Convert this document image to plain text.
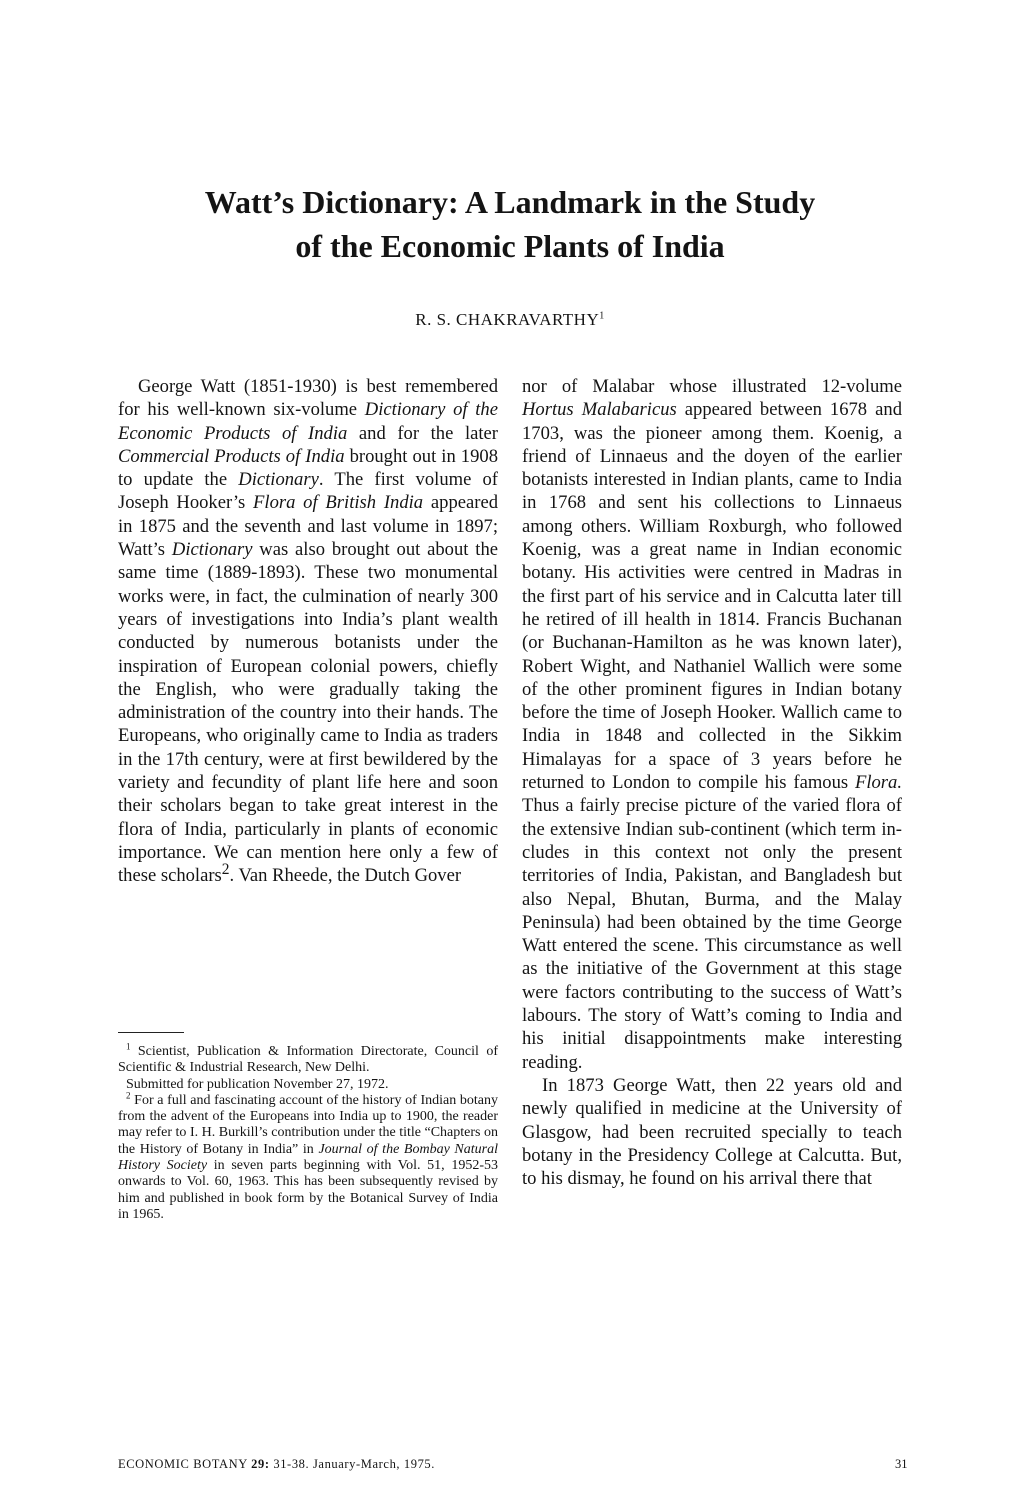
Watt’s Dictionary: A Landmark in the Study
of the Economic Plants of India
R. S. CHAKRAVARTHY$^1$

George Watt (1851-1930) is best remembered for his well-known six-volume Dictionary of the Economic Products of India and for the later Commercial Products of India brought out in 1908 to update the Dictionary. The first volume of Joseph Hooker’s Flora of British India appeared in 1875 and the seventh and last volume in 1897; Watt’s Dictionary was also brought out about the same time (1889-1893). These two monumental works were, in fact, the culmination of nearly 300 years of investigations into India’s plant wealth conducted by numerous botanists under the inspiration of European colonial powers, chiefly the English, who were gradually taking the administration of the country into their hands. The Europeans, who originally came to India as traders in the 17th century, were at first bewildered by the variety and fecundity of plant life here and soon their scholars began to take great interest in the flora of India, particularly in plants of economic importance. We can mention here only a few of these scholars$^2$. Van Rheede, the Dutch Gover

$^1$ Scientist, Publication & Information Directorate, Council of Scientific & Industrial Research, New Delhi.

Submitted for publication November 27, 1972.

$^2$ For a full and fascinating account of the history of Indian botany from the advent of the Europeans into India up to 1900, the reader may refer to I. H. Burkill’s contribution under the title “Chapters on the History of Botany in India” in Journal of the Bombay Natural History Society in seven parts beginning with Vol. 51, 1952-53 onwards to Vol. 60, 1963. This has been subsequently revised by him and published in book form by the Botanical Survey of India in 1965.

nor of Malabar whose illustrated 12-volume Hortus Malabaricus appeared between 1678 and 1703, was the pioneer among them. Koenig, a friend of Linnaeus and the doyen of the earlier botanists interested in Indian plants, came to India in 1768 and sent his collections to Linnaeus among others. William Roxburgh, who followed Koenig, was a great name in Indian economic botany. His activities were centred in Madras in the first part of his service and in Calcutta later till he retired of ill health in 1814. Francis Buchanan (or Buchanan-Hamilton as he was known later), Robert Wight, and Nathaniel Wallich were some of the other prominent figures in Indian botany before the time of Joseph Hooker. Wallich came to India in 1848 and collected in the Sikkim Himalayas for a space of 3 years before he returned to London to compile his famous Flora. Thus a fairly precise picture of the varied flora of the extensive Indian sub-continent (which term includes in this context not only the present territories of India, Pakistan, and Bangladesh but also Nepal, Bhutan, Burma, and the Malay Peninsula) had been obtained by the time George Watt entered the scene. This circumstance as well as the initiative of the Government at this stage were factors contributing to the success of Watt’s labours. The story of Watt’s coming to India and his initial disappointments make interesting reading.

In 1873 George Watt, then 22 years old and newly qualified in medicine at the University of Glasgow, had been recruited specially to teach botany in the Presidency College at Calcutta. But, to his dismay, he found on his arrival there that

ECONOMIC BOTANY 29: 31-38. January-March, 1975.	31
